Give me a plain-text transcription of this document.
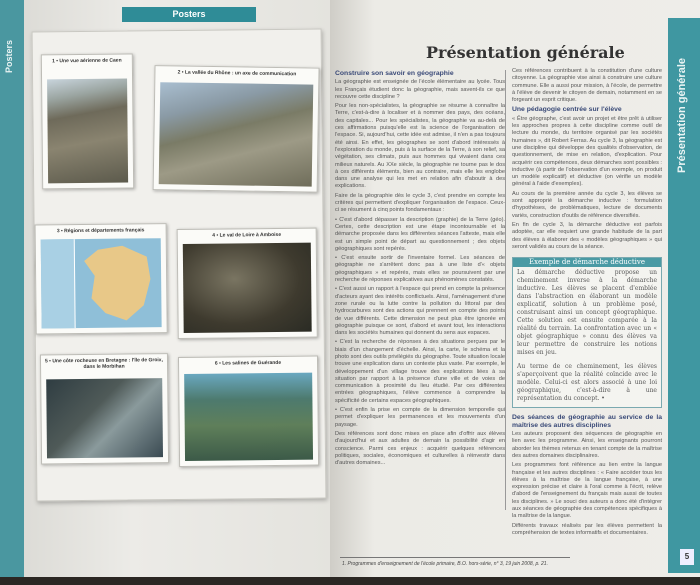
Posters
Posters
1 • Une vue aérienne de Caen
2 • La vallée du Rhône : un axe de communication
3 • Régions et départements français
4 • Le val de Loire à Amboise
5 • Une côte rocheuse en Bretagne : l'île de Groix, dans le Morbihan
6 • Les salines de Guérande
Présentation générale
Présentation générale
Construire son savoir en géographie

La géographie est enseignée de l'école élémentaire au lycée. Tous les Français étudient donc la géographie, mais savent-ils ce que recouvre cette discipline ?

Pour les non-spécialistes, la géographie se résume à connaître la Terre, c'est-à-dire à localiser et à nommer des pays, des océans, des capitales... Pour les spécialistes, la géographie va au-delà de ces affirmations puisqu'elle est la science de l'organisation de l'espace. Si, aujourd'hui, cette idée est admise, il n'en a pas toujours été ainsi. En effet, les géographes se sont d'abord intéressés à l'exploration du monde, puis à la surface de la Terre, à son relief, sa végétation, ses climats, puis aux hommes qui vivaient dans ces milieux naturels. Au XXe siècle, la géographie ne tourne pas le dos à ces différents éléments, bien au contraire, mais elle les englobe dans une analyse qui les met en relation afin d'aboutir à des explications.

Faire de la géographie dès le cycle 3, c'est prendre en compte les critères qui permettent d'expliquer l'organisation de l'espace. Ceux-ci se résument à cinq points fondamentaux :

• C'est d'abord dépasser la description (graphie) de la Terre (géo). Certes, cette description est une étape incontournable et la démarche proposée dans les différentes séances l'atteste, mais elle est un simple point de départ au questionnement ; des objets géographiques sont repérés.

• C'est ensuite sortir de l'inventaire formel. Les séances de géographie ne s'arrêtent donc pas à une liste d'« objets géographiques » et repérés, mais elles se poursuivent par une recherche de réponses explicatives aux phénomènes constatés.

• C'est aussi un rapport à l'espace qui prend en compte la présence d'acteurs ayant des intérêts conflictuels. Ainsi, l'aménagement d'une zone rurale ou la lutte contre la pollution du littoral par des hydrocarbures sont des actions qui prennent en compte des points de vue différents. Cette dimension ne peut plus être ignorée en géographie puisque ce sont, d'abord et avant tout, les interactions dans les sociétés humaines qui donnent du sens aux espaces.

• C'est la recherche de réponses à des situations perçues par le biais d'un changement d'échelle. Ainsi, la carte, le schéma et la photo sont des outils privilégiés du géographe. Toute situation locale trouve une explication dans un contexte plus vaste. Par exemple, le développement d'un village trouve des explications liées à sa situation par rapport à la présence d'une ville et de voies de communication à proximité du lieu étudié. Par ces différentes entrées géographiques, l'élève commence à comprendre la spécificité de certains espaces géographiques.

• C'est enfin la prise en compte de la dimension temporelle qui permet d'expliquer les permanences et les mouvements d'un paysage.

Des références sont donc mises en place afin d'offrir aux élèves d'aujourd'hui et aux adultes de demain la possibilité d'agir en conscience. Parmi ces enjeux : acquérir quelques références politiques, sociales, économiques et culturelles à réinvestir dans d'autres domaines...

Ces références contribuent à la constitution d'une culture citoyenne. La géographie vise ainsi à construire une culture commune. Elle a aussi pour mission, à l'école, de permettre à l'élève de devenir le citoyen de demain, notamment en se forgeant un esprit critique.

Une pédagogie centrée sur l'élève

« Être géographe, c'est avoir un projet et être prêt à utiliser les approches propres à cette discipline comme outil de lecture du monde, du territoire organisé par les sociétés humaines », dit Robert Ferras. Au cycle 3, la géographie est une discipline qui développe des qualités d'observation, de questionnement, de mise en relation, d'explication. Pour acquérir ces compétences, deux démarches sont possibles : inductive (à partir de l'observation d'un exemple, on produit un modèle explicatif) et déductive (on vérifie un modèle général à l'aide d'exemples).

Au cours de la première année du cycle 3, les élèves se sont approprié la démarche inductive : formulation d'hypothèses, de problématiques, lecture de documents variés, construction d'outils de référence diversifiés.

En fin de cycle 3, la démarche déductive est parfois adoptée, car elle requiert une grande habitude de la part des élèves à élaborer des « modèles géographiques » qui seront validés au cours de la séance.

Exemple de démarche déductive

La démarche déductive propose un cheminement inverse à la démarche inductive. Les élèves se placent d'emblée dans l'abstraction en élaborant un modèle explicatif, solution à un problème posé, construisant ainsi un concept géographique. Cette solution est ensuite comparée à la réalité du terrain. La confrontation avec un « objet géographique » connu des élèves va leur permettre de construire les notions mises en jeu.

Au terme de ce cheminement, les élèves s'aperçoivent que la réalité coïncide avec le modèle. Celui-ci est alors associé à une loi géographique, c'est-à-dire à une représentation du concept. •

Des séances de géographie au service de la maîtrise des autres disciplines

Les auteurs proposent des séquences de géographie en lien avec les programme. Ainsi, les enseignants pourront aborder les thèmes retenus en tenant compte de la maîtrise des autres domaines disciplinaires.

Les programmes font référence au lien entre la langue française et les autres disciplines : « Faire accéder tous les élèves à la maîtrise de la langue française, à une expression précise et claire à l'oral comme à l'écrit, relève d'abord de l'enseignement du français mais aussi de toutes les disciplines. » Le souci des auteurs a donc été d'intégrer aux séances de géographie des compétences spécifiques à la maîtrise de la langue.

Différents travaux réalisés par les élèves permettent la compréhension de textes informatifs et documentaires.

1. Programmes d'enseignement de l'école primaire, B.O. hors-série, n° 3, 19 juin 2008, p. 21.
5
